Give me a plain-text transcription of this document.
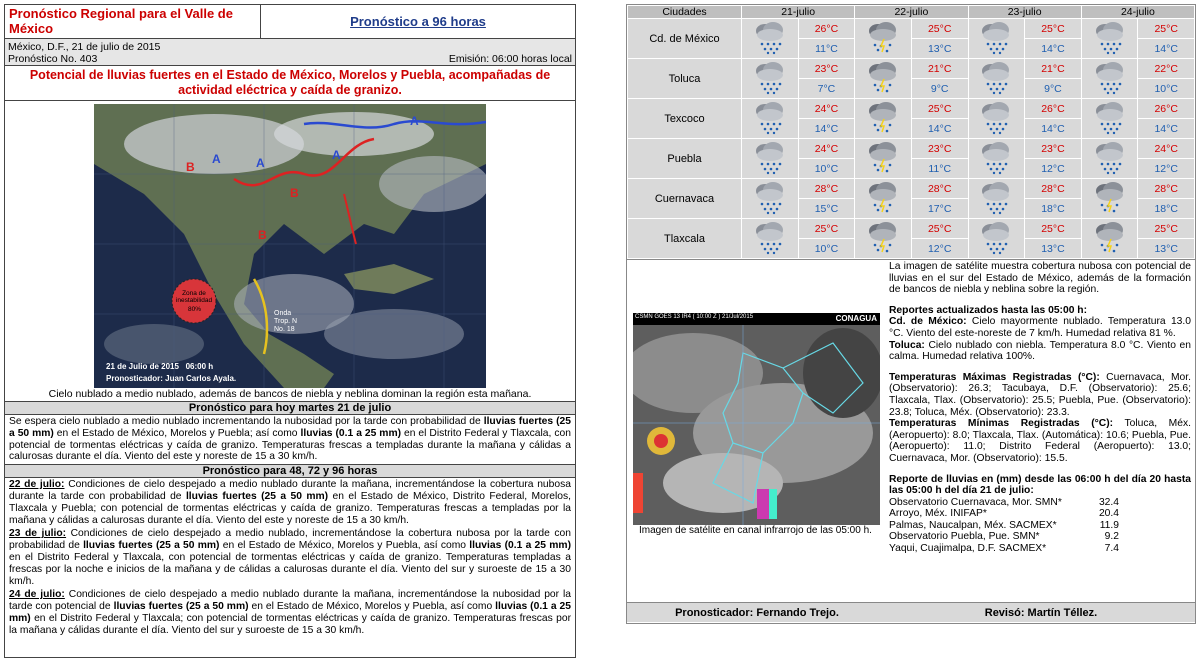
Pronóstico Regional para el Valle de México	Pronóstico a 96 horas
México, D.F., 21 de julio de 2015
Pronóstico No. 403	Emisión: 06:00 horas local
Potencial de lluvias fuertes en el Estado de México, Morelos y Puebla, acompañadas de actividad eléctrica y caída de granizo.
A	A
A
A
B
B
B
Zona de
inestabilidad
80%
Onda
Trop. N
No. 18
21 de Julio de 2015   06:00 h
Pronosticador: Juan Carlos Ayala.
Cielo nublado a medio nublado, además de bancos de niebla y neblina dominan la región esta mañana.
Pronóstico para hoy martes 21 de julio
Se espera cielo nublado a medio nublado incrementando la nubosidad por la tarde con probabilidad de lluvias fuertes (25 a 50 mm) en el Estado de México, Morelos y Puebla; así como lluvias (0.1 a 25 mm) en el Distrito Federal y Tlaxcala, con potencial de tormentas eléctricas y caída de granizo. Temperaturas frescas a templadas durante la mañana y cálidas a calurosas durante el día. Viento del este y noreste de 15 a 30 km/h.
Pronóstico para 48, 72 y 96 horas
22 de julio: Condiciones de cielo despejado a medio nublado durante la mañana, incrementándose la cobertura nubosa durante la tarde con probabilidad de lluvias fuertes (25 a 50 mm) en el Estado de México, Distrito Federal, Morelos, Tlaxcala y Puebla; con potencial de tormentas eléctricas y caída de granizo. Temperaturas frescas a templadas por la mañana y cálidas a calurosas durante el día. Viento del este y noreste de 15 a 30 km/h.
23 de julio: Condiciones de cielo despejado a medio nublado, incrementándose la cobertura nubosa por la tarde con probabilidad de lluvias fuertes (25 a 50 mm) en el Estado de México, Morelos y Puebla, así como lluvias (0.1 a 25 mm) en el Distrito Federal y Tlaxcala, con potencial de tormentas eléctricas y caída de granizo. Temperaturas templadas a frescas por la noche e inicios de la mañana y de cálidas a calurosas durante el día. Viento del sur y suroeste de 15 a 30 km/h.
24 de julio: Condiciones de cielo despejado a medio nublado durante la mañana, incrementándose la nubosidad por la tarde con potencial de lluvias fuertes (25 a 50 mm) en el Estado de México, Morelos y Puebla, así como lluvias (0.1 a 25 mm) en el Distrito Federal y Tlaxcala; con potencial de tormentas eléctricas y caída de granizo. Temperaturas frescas por la mañana y cálidas durante el día. Viento del sur y suroeste de 15 a 30 km/h.
Ciudades	21-julio		22-julio		23-julio		24-julio	
Cd. de México		26°C		25°C		25°C		25°C
		11°C		13°C		14°C		14°C
Toluca		23°C		21°C		21°C		22°C
		7°C		9°C		9°C		10°C
Texcoco		24°C		25°C		26°C		26°C
		14°C		14°C		14°C		14°C
Puebla		24°C		23°C		23°C		24°C
		10°C		11°C		12°C		12°C
Cuernavaca		28°C		28°C		28°C		28°C
		15°C		17°C		18°C		18°C
Tlaxcala		25°C		25°C		25°C		25°C
		10°C		12°C		13°C		13°C
CSMN GOES 13 IR4 ( 10:00 Z ) 21/Jul/2015	CONAGUA
Imagen de satélite en canal infrarrojo de las 05:00 h.
La imagen de satélite muestra cobertura nubosa con potencial de lluvias en el sur del Estado de México, además de la formación de bancos de niebla y neblina sobre la región.
Reportes actualizados hasta las 05:00 h:
Cd. de México: Cielo mayormente nublado. Temperatura 13.0 °C. Viento del este-noreste de 7 km/h. Humedad relativa 81 %.
Toluca: Cielo nublado con niebla. Temperatura 8.0 °C. Viento en calma. Humedad relativa 100%.
Temperaturas Máximas Registradas (°C): Cuernavaca, Mor. (Observatorio): 26.3; Tacubaya, D.F. (Observatorio): 25.6; Tlaxcala, Tlax. (Observatorio): 25.5; Puebla, Pue. (Observatorio): 23.8; Toluca, Méx. (Observatorio): 23.3.
Temperaturas Mínimas Registradas (°C): Toluca, Méx. (Aeropuerto): 8.0; Tlaxcala, Tlax. (Automática): 10.6; Puebla, Pue. (Aeropuerto): 11.0; Distrito Federal (Aeropuerto): 13.0; Cuernavaca, Mor. (Observatorio): 15.5.
Reporte de lluvias en (mm) desde las 06:00 h del día 20 hasta las 05:00 h del día 21 de julio:
Observatorio Cuernavaca, Mor. SMN*	32.4
Arroyo, Méx. INIFAP*	20.4
Palmas, Naucalpan, Méx. SACMEX*	11.9
Observatorio Puebla, Pue. SMN*	9.2
Yaqui, Cuajimalpa, D.F. SACMEX*	7.4
Pronosticador: Fernando Trejo.	Revisó: Martín Téllez.
